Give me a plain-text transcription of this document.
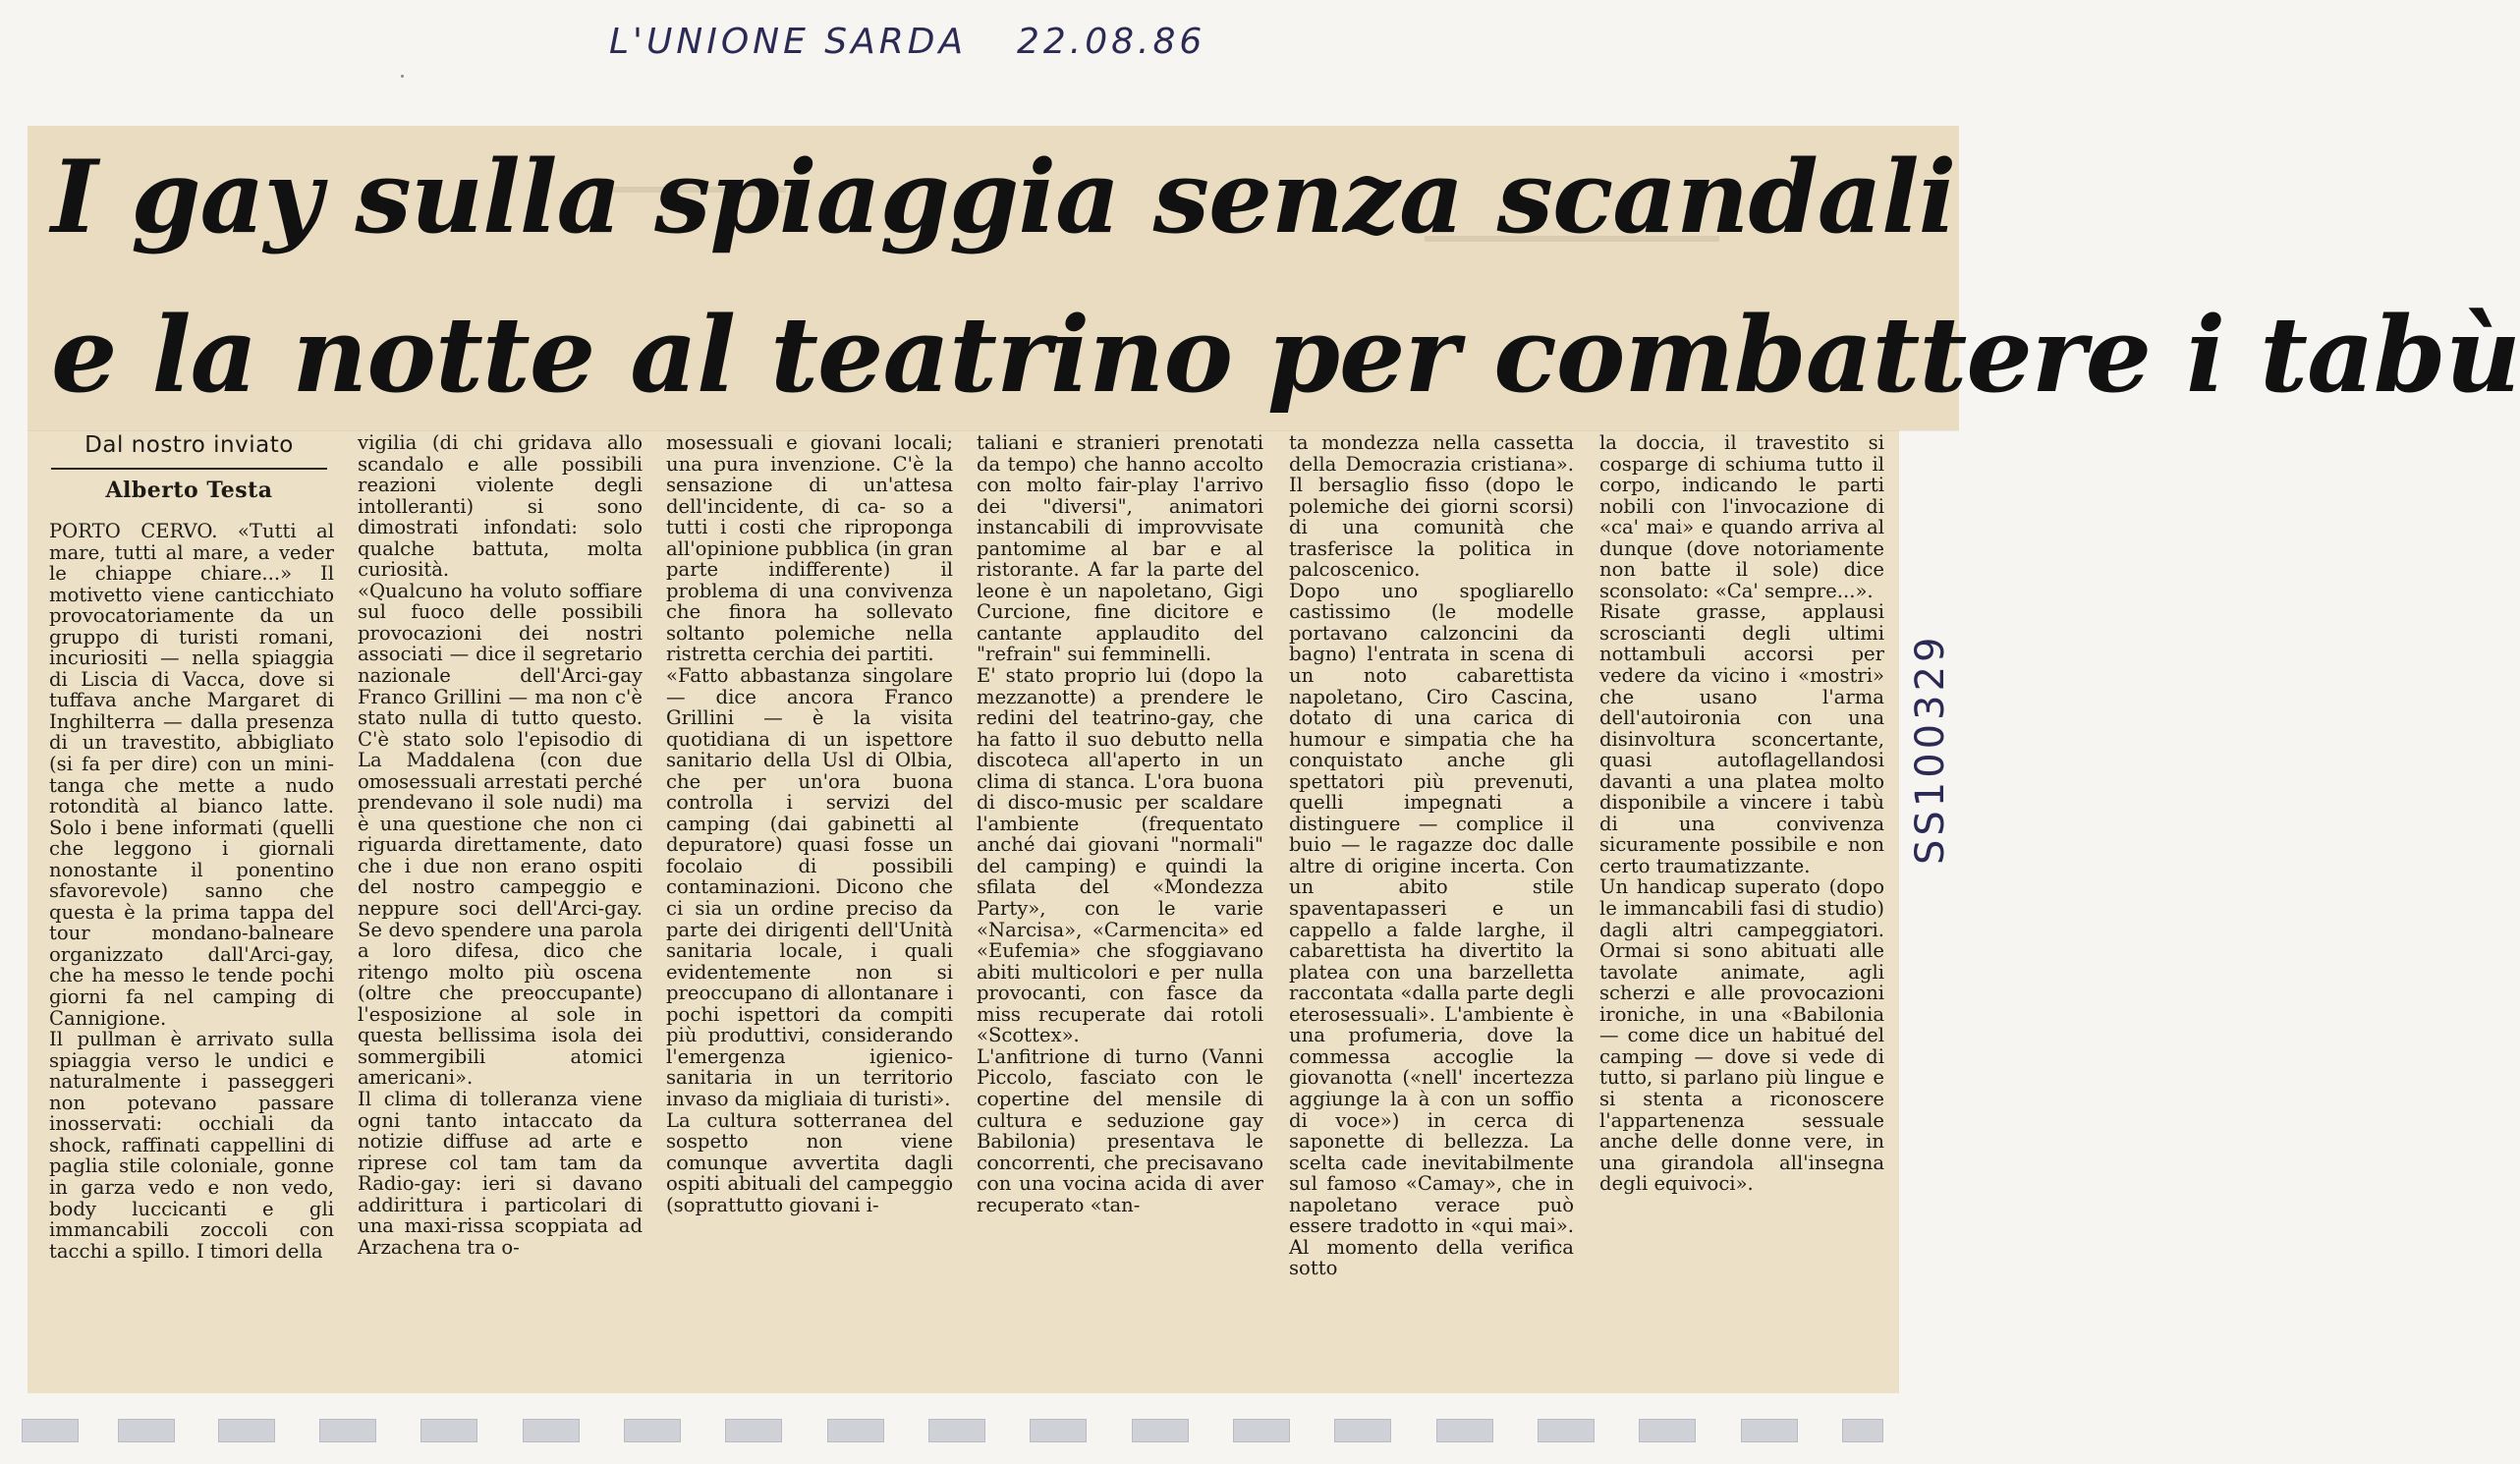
L'UNIONE SARDA 22.08.86
I gay sulla spiaggia senza scandali
e la notte al teatrino per combattere i tabù
Dal nostro inviato
Alberto Testa
PORTO CERVO. «Tutti al mare, tutti al mare, a veder le chiappe chiare...» Il motivetto viene canticchiato provocatoriamente da un gruppo di turisti romani, incuriositi — nella spiaggia di Liscia di Vacca, dove si tuffava anche Margaret di Inghilterra — dalla presenza di un travestito, abbigliato (si fa per dire) con un mini-tanga che mette a nudo rotondità al bianco latte. Solo i bene informati (quelli che leggono i giornali nonostante il ponentino sfavorevole) sanno che questa è la prima tappa del tour mondano-balneare organizzato dall'Arci-gay, che ha messo le tende pochi giorni fa nel camping di Cannigione.
Il pullman è arrivato sulla spiaggia verso le undici e naturalmente i passeggeri non potevano passare inosservati: occhiali da shock, raffinati cappellini di paglia stile coloniale, gonne in garza vedo e non vedo, body luccicanti e gli immancabili zoccoli con tacchi a spillo. I timori della
vigilia (di chi gridava allo scandalo e alle possibili reazioni violente degli intolleranti) si sono dimostrati infondati: solo qualche battuta, molta curiosità.
«Qualcuno ha voluto soffiare sul fuoco delle possibili provocazioni dei nostri associati — dice il segretario nazionale dell'Arci-gay Franco Grillini — ma non c'è stato nulla di tutto questo. C'è stato solo l'episodio di La Maddalena (con due omosessuali arrestati perché prendevano il sole nudi) ma è una questione che non ci riguarda direttamente, dato che i due non erano ospiti del nostro campeggio e neppure soci dell'Arci-gay. Se devo spendere una parola a loro difesa, dico che ritengo molto più oscena (oltre che preoccupante) l'esposizione al sole in questa bellissima isola dei sommergibili atomici americani».
Il clima di tolleranza viene ogni tanto intaccato da notizie diffuse ad arte e riprese col tam tam da Radio-gay: ieri si davano addirittura i particolari di una maxi-rissa scoppiata ad Arzachena tra o-
mosessuali e giovani locali; una pura invenzione. C'è la sensazione di un'attesa dell'incidente, di ca- so a tutti i costi che riproponga all'opinione pubblica (in gran parte indifferente) il problema di una convivenza che finora ha sollevato soltanto polemiche nella ristretta cerchia dei partiti.
«Fatto abbastanza singolare — dice ancora Franco Grillini — è la visita quotidiana di un ispettore sanitario della Usl di Olbia, che per un'ora buona controlla i servizi del camping (dai gabinetti al depuratore) quasi fosse un focolaio di possibili contaminazioni. Dicono che ci sia un ordine preciso da parte dei dirigenti dell'Unità sanitaria locale, i quali evidentemente non si preoccupano di allontanare i pochi ispettori da compiti più produttivi, considerando l'emergenza igienico-sanitaria in un territorio invaso da migliaia di turisti».
La cultura sotterranea del sospetto non viene comunque avvertita dagli ospiti abituali del campeggio (soprattutto giovani i-
taliani e stranieri prenotati da tempo) che hanno accolto con molto fair-play l'arrivo dei "diversi", animatori instancabili di improvvisate pantomime al bar e al ristorante. A far la parte del leone è un napoletano, Gigi Curcione, fine dicitore e cantante applaudito del "refrain" sui femminelli.
E' stato proprio lui (dopo la mezzanotte) a prendere le redini del teatrino-gay, che ha fatto il suo debutto nella discoteca all'aperto in un clima di stanca. L'ora buona di disco-music per scaldare l'ambiente (frequentato anché dai giovani "normali" del camping) e quindi la sfilata del «Mondezza Party», con le varie «Narcisa», «Carmencita» ed «Eufemia» che sfoggiavano abiti multicolori e per nulla provocanti, con fasce da miss recuperate dai rotoli «Scottex».
L'anfitrione di turno (Vanni Piccolo, fasciato con le copertine del mensile di cultura e seduzione gay Babilonia) presentava le concorrenti, che precisavano con una vocina acida di aver recuperato «tan-
ta mondezza nella cassetta della Democrazia cristiana». Il bersaglio fisso (dopo le polemiche dei giorni scorsi) di una comunità che trasferisce la politica in palcoscenico.
Dopo uno spogliarello castissimo (le modelle portavano calzoncini da bagno) l'entrata in scena di un noto cabarettista napoletano, Ciro Cascina, dotato di una carica di humour e simpatia che ha conquistato anche gli spettatori più prevenuti, quelli impegnati a distinguere — complice il buio — le ragazze doc dalle altre di origine incerta. Con un abito stile spaventapasseri e un cappello a falde larghe, il cabarettista ha divertito la platea con una barzelletta raccontata «dalla parte degli eterosessuali». L'ambiente è una profumeria, dove la commessa accoglie la giovanotta («nell' incertezza aggiunge la à con un soffio di voce») in cerca di saponette di bellezza. La scelta cade inevitabilmente sul famoso «Camay», che in napoletano verace può essere tradotto in «qui mai». Al momento della verifica sotto
la doccia, il travestito si cosparge di schiuma tutto il corpo, indicando le parti nobili con l'invocazione di «ca' mai» e quando arriva al dunque (dove notoriamente non batte il sole) dice sconsolato: «Ca' sempre...».
Risate grasse, applausi scroscianti degli ultimi nottambuli accorsi per vedere da vicino i «mostri» che usano l'arma dell'autoironia con una disinvoltura sconcertante, quasi autoflagellandosi davanti a una platea molto disponibile a vincere i tabù di una convivenza sicuramente possibile e non certo traumatizzante.
Un handicap superato (dopo le immancabili fasi di studio) dagli altri campeggiatori. Ormai si sono abituati alle tavolate animate, agli scherzi e alle provocazioni ironiche, in una «Babilonia — come dice un habitué del camping — dove si vede di tutto, si parlano più lingue e si stenta a riconoscere l'appartenenza sessuale anche delle donne vere, in una girandola all'insegna degli equivoci».
SS100329
